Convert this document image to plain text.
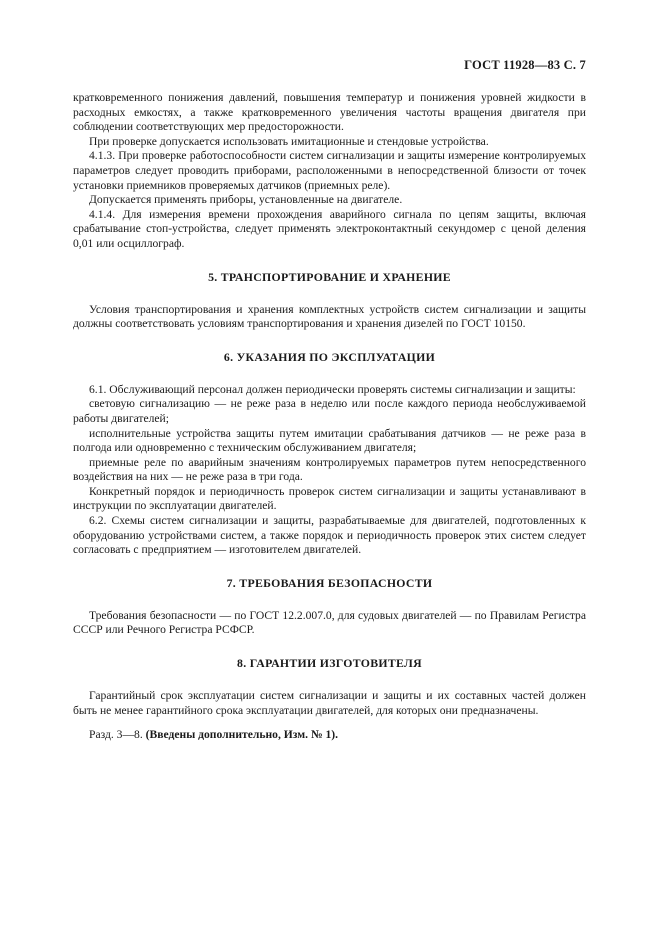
ГОСТ 11928—83 С. 7

кратковременного понижения давлений, повышения температур и понижения уровней жидкости в расходных емкостях, а также кратковременного увеличения частоты вращения двигателя при соблюдении соответствующих мер предосторожности.

При проверке допускается использовать имитационные и стендовые устройства.

4.1.3. При проверке работоспособности систем сигнализации и защиты измерение контролируемых параметров следует проводить приборами, расположенными в непосредственной близости от точек установки приемников проверяемых датчиков (приемных реле).

Допускается применять приборы, установленные на двигателе.

4.1.4. Для измерения времени прохождения аварийного сигнала по цепям защиты, включая срабатывание стоп-устройства, следует применять электроконтактный секундомер с ценой деления 0,01 или осциллограф.

5. ТРАНСПОРТИРОВАНИЕ И ХРАНЕНИЕ

Условия транспортирования и хранения комплектных устройств систем сигнализации и защиты должны соответствовать условиям транспортирования и хранения дизелей по ГОСТ 10150.

6. УКАЗАНИЯ ПО ЭКСПЛУАТАЦИИ

6.1. Обслуживающий персонал должен периодически проверять системы сигнализации и защиты:

световую сигнализацию — не реже раза в неделю или после каждого периода необслуживаемой работы двигателей;

исполнительные устройства защиты путем имитации срабатывания датчиков — не реже раза в полгода или одновременно с техническим обслуживанием двигателя;

приемные реле по аварийным значениям контролируемых параметров путем непосредственного воздействия на них — не реже раза в три года.

Конкретный порядок и периодичность проверок систем сигнализации и защиты устанавливают в инструкции по эксплуатации двигателей.

6.2. Схемы систем сигнализации и защиты, разрабатываемые для двигателей, подготовленных к оборудованию устройствами систем, а также порядок и периодичность проверок этих систем следует согласовать с предприятием — изготовителем двигателей.

7. ТРЕБОВАНИЯ БЕЗОПАСНОСТИ

Требования безопасности — по ГОСТ 12.2.007.0, для судовых двигателей — по Правилам Регистра СССР или Речного Регистра РСФСР.

8. ГАРАНТИИ ИЗГОТОВИТЕЛЯ

Гарантийный срок эксплуатации систем сигнализации и защиты и их составных частей должен быть не менее гарантийного срока эксплуатации двигателей, для которых они предназначены.

Разд. 3—8. (Введены дополнительно, Изм. № 1).
